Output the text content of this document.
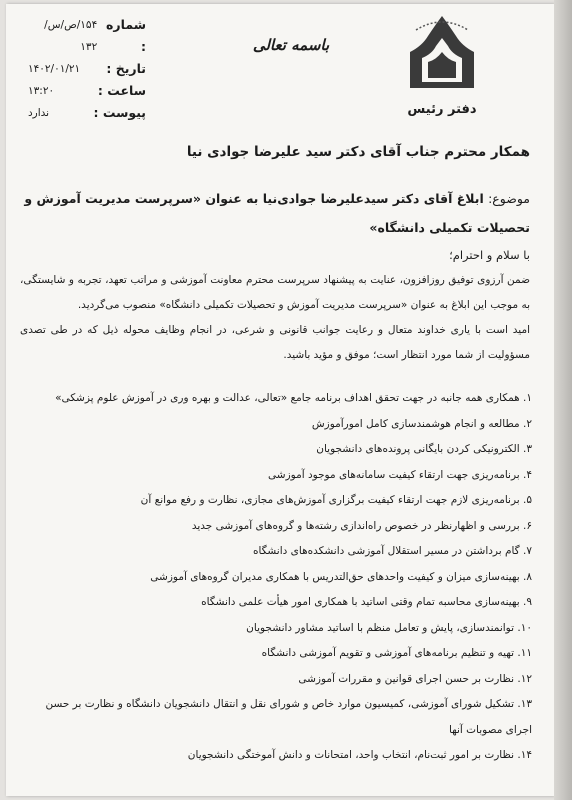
دفتر رئیس
باسمه تعالی
شماره :
۱۵۴/ص/س/۱۳۲
تاریخ :
۱۴۰۲/۰۱/۲۱
ساعت :
۱۳:۲۰
پیوست :
ندارد
همکار محترم جناب آقای دکتر سید علیرضا جوادی نیا
موضوع: ابلاغ آقای دکتر سیدعلیرضا جوادی‌نیا به عنوان «سرپرست مدیریت آموزش و تحصیلات تکمیلی دانشگاه»
با سلام و احترام؛
ضمن آرزوی توفیق روزافزون، عنایت به پیشنهاد سرپرست محترم معاونت آموزشی و مراتب تعهد، تجربه و شایستگی، به موجب این ابلاغ به عنوان «سرپرست مدیریت آموزش و تحصیلات تکمیلی دانشگاه» منصوب می‌گردید.
امید است با یاری خداوند متعال و رعایت جوانب قانونی و شرعی، در انجام وظایف محوله ذیل که در طی تصدی مسؤولیت از شما مورد انتظار است؛ موفق و مؤید باشید.
۱. همکاری همه جانبه در جهت تحقق اهداف برنامه جامع «تعالی، عدالت و بهره وری در آموزش علوم پزشکی»
۲. مطالعه و انجام هوشمندسازی کامل امورآموزش
۳. الکترونیکی کردن بایگانی پرونده‌های دانشجویان
۴. برنامه‌ریزی جهت ارتقاء کیفیت سامانه‌های موجود آموزشی
۵. برنامه‌ریزی لازم جهت ارتقاء کیفیت برگزاری آموزش‌های مجازی، نظارت و رفع موانع آن
۶. بررسی و اظهارنظر در خصوص راه‌اندازی رشته‌ها و گروه‌های آموزشی جدید
۷. گام برداشتن در مسیر استقلال آموزشی دانشکده‌های دانشگاه
۸. بهینه‌سازی میزان و کیفیت واحدهای حق‌التدریس با همکاری مدیران گروه‌های آموزشی
۹. بهینه‌سازی محاسبه تمام وقتی اساتید با همکاری امور هیأت علمی دانشگاه
۱۰. توانمندسازی، پایش و تعامل منظم با اساتید مشاور دانشجویان
۱۱. تهیه و تنظیم برنامه‌های آموزشی و تقویم آموزشی دانشگاه
۱۲. نظارت بر حسن اجرای قوانین و مقررات آموزشی
۱۳. تشکیل شورای آموزشی، کمیسیون موارد خاص و شورای نقل و انتقال دانشجویان دانشگاه و نظارت بر حسن اجرای مصوبات آنها
۱۴. نظارت بر امور ثبت‌نام، انتخاب واحد، امتحانات و دانش آموختگی دانشجویان
